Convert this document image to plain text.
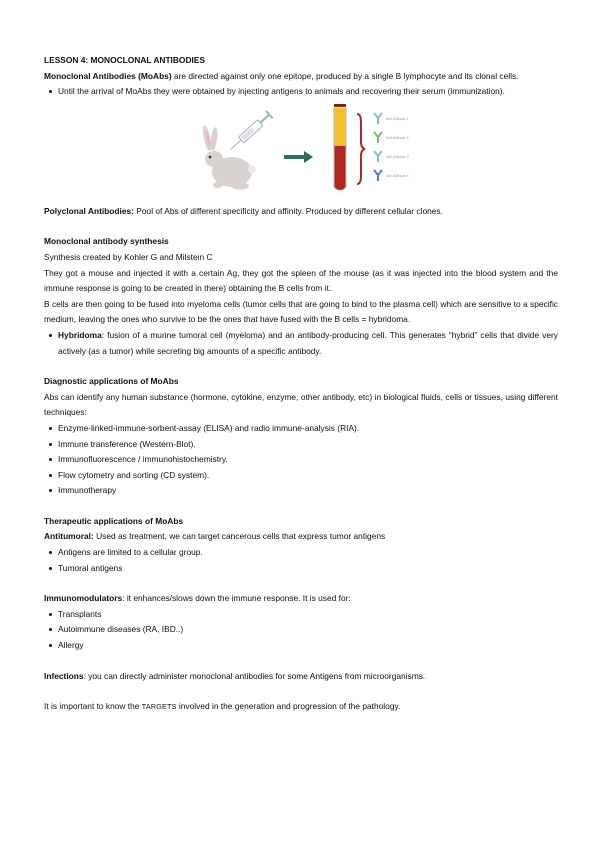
LESSON 4: MONOCLONAL ANTIBODIES

Monoclonal Antibodies (MoAbs) are directed against only one epitope, produced by a single B lymphocyte and its clonal cells.

Until the arrival of MoAbs they were obtained by injecting antigens to animals and recovering their serum (immunization).
Anti-Epitope 1
Anti-Epitope 2
Anti-Epitope 3
Anti-Epitope 4

Polyclonal Antibodies: Pool of Abs of different specificity and affinity. Produced by different cellular clones.

Monoclonal antibody synthesis

Synthesis created by Kohler G and Milstein C

They got a mouse and injected it with a certain Ag, they got the spleen of the mouse (as it was injected into the blood system and the immune response is going to be created in there) obtaining the B cells from it.

B cells are then going to be fused into myeloma cells (tumor cells that are going to bind to the plasma cell) which are sensitive to a specific medium, leaving the ones who survive to be the ones that have fused with the B cells = hybridoma.

Hybridoma: fusion of a murine tumoral cell (myeloma) and an antibody-producing cell. This generates “hybrid” cells that divide very actively (as a tumor) while secreting big amounts of a specific antibody.

Diagnostic applications of MoAbs

Abs can identify any human substance (hormone, cytokine, enzyme, other antibody, etc) in biological fluids, cells or tissues, using different techniques:

Enzyme-linked-immune-sorbent-assay (ELISA) and radio immune-analysis (RIA).
Immune transference (Western-Blot).
Immunofluorescence / immunohistochemistry.
Flow cytometry and sorting (CD system).
Immunotherapy

Therapeutic applications of MoAbs

Antitumoral: Used as treatment, we can target cancerous cells that express tumor antigens

Antigens are limited to a cellular group.
Tumoral antigens

Immunomodulators: it enhances/slows down the immune response. It is used for:

Transplants
Autoimmune diseases (RA, IBD..)
Allergy

Infections: you can directly administer monoclonal antibodies for some Antigens from microorganisms.

It is important to know the TARGETS involved in the generation and progression of the pathology.
